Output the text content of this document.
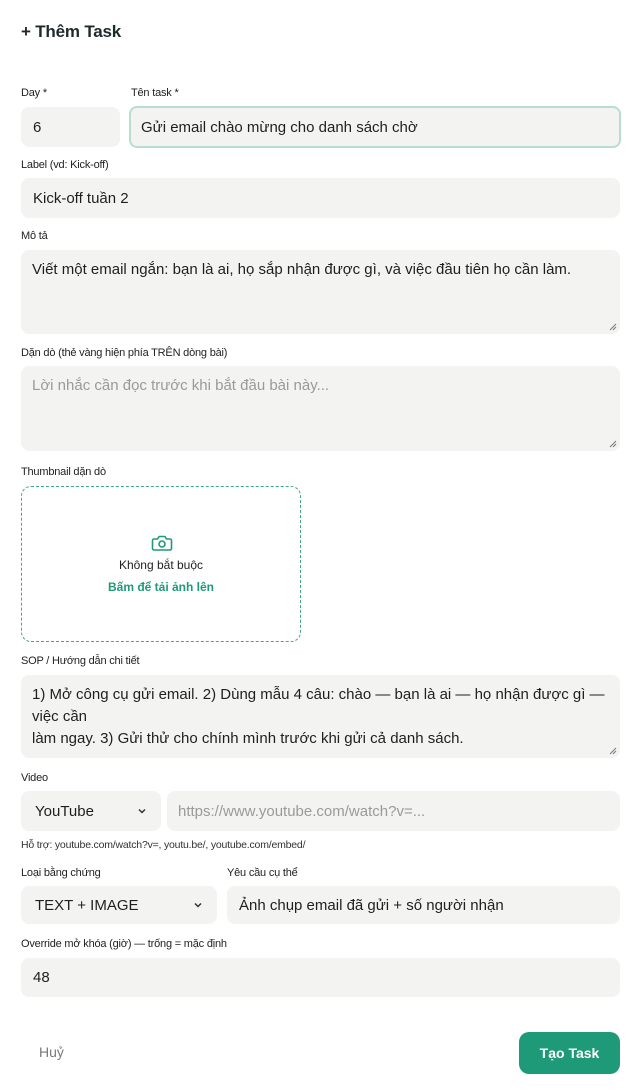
+ Thêm Task
Day *
6
Tên task *
Gửi email chào mừng cho danh sách chờ
Label (vd: Kick-off)
Kick-off tuần 2
Mô tả
Viết một email ngắn: bạn là ai, họ sắp nhận được gì, và việc đầu tiên họ cần làm.
Dặn dò (thẻ vàng hiện phía TRÊN dòng bài)
Lời nhắc cần đọc trước khi bắt đầu bài này...
Thumbnail dặn dò
Không bắt buộc
Bấm để tải ảnh lên
SOP / Hướng dẫn chi tiết
1) Mở công cụ gửi email. 2) Dùng mẫu 4 câu: chào — bạn là ai — họ nhận được gì — việc cần
làm ngay. 3) Gửi thử cho chính mình trước khi gửi cả danh sách.
Video
YouTube	https://www.youtube.com/watch?v=...
Hỗ trợ: youtube.com/watch?v=, youtu.be/, youtube.com/embed/
Loại bằng chứng
TEXT + IMAGE
Yêu cầu cụ thể
Ảnh chụp email đã gửi + số người nhận
Override mở khóa (giờ) — trống = mặc định
48
Huỷ	Tạo Task
